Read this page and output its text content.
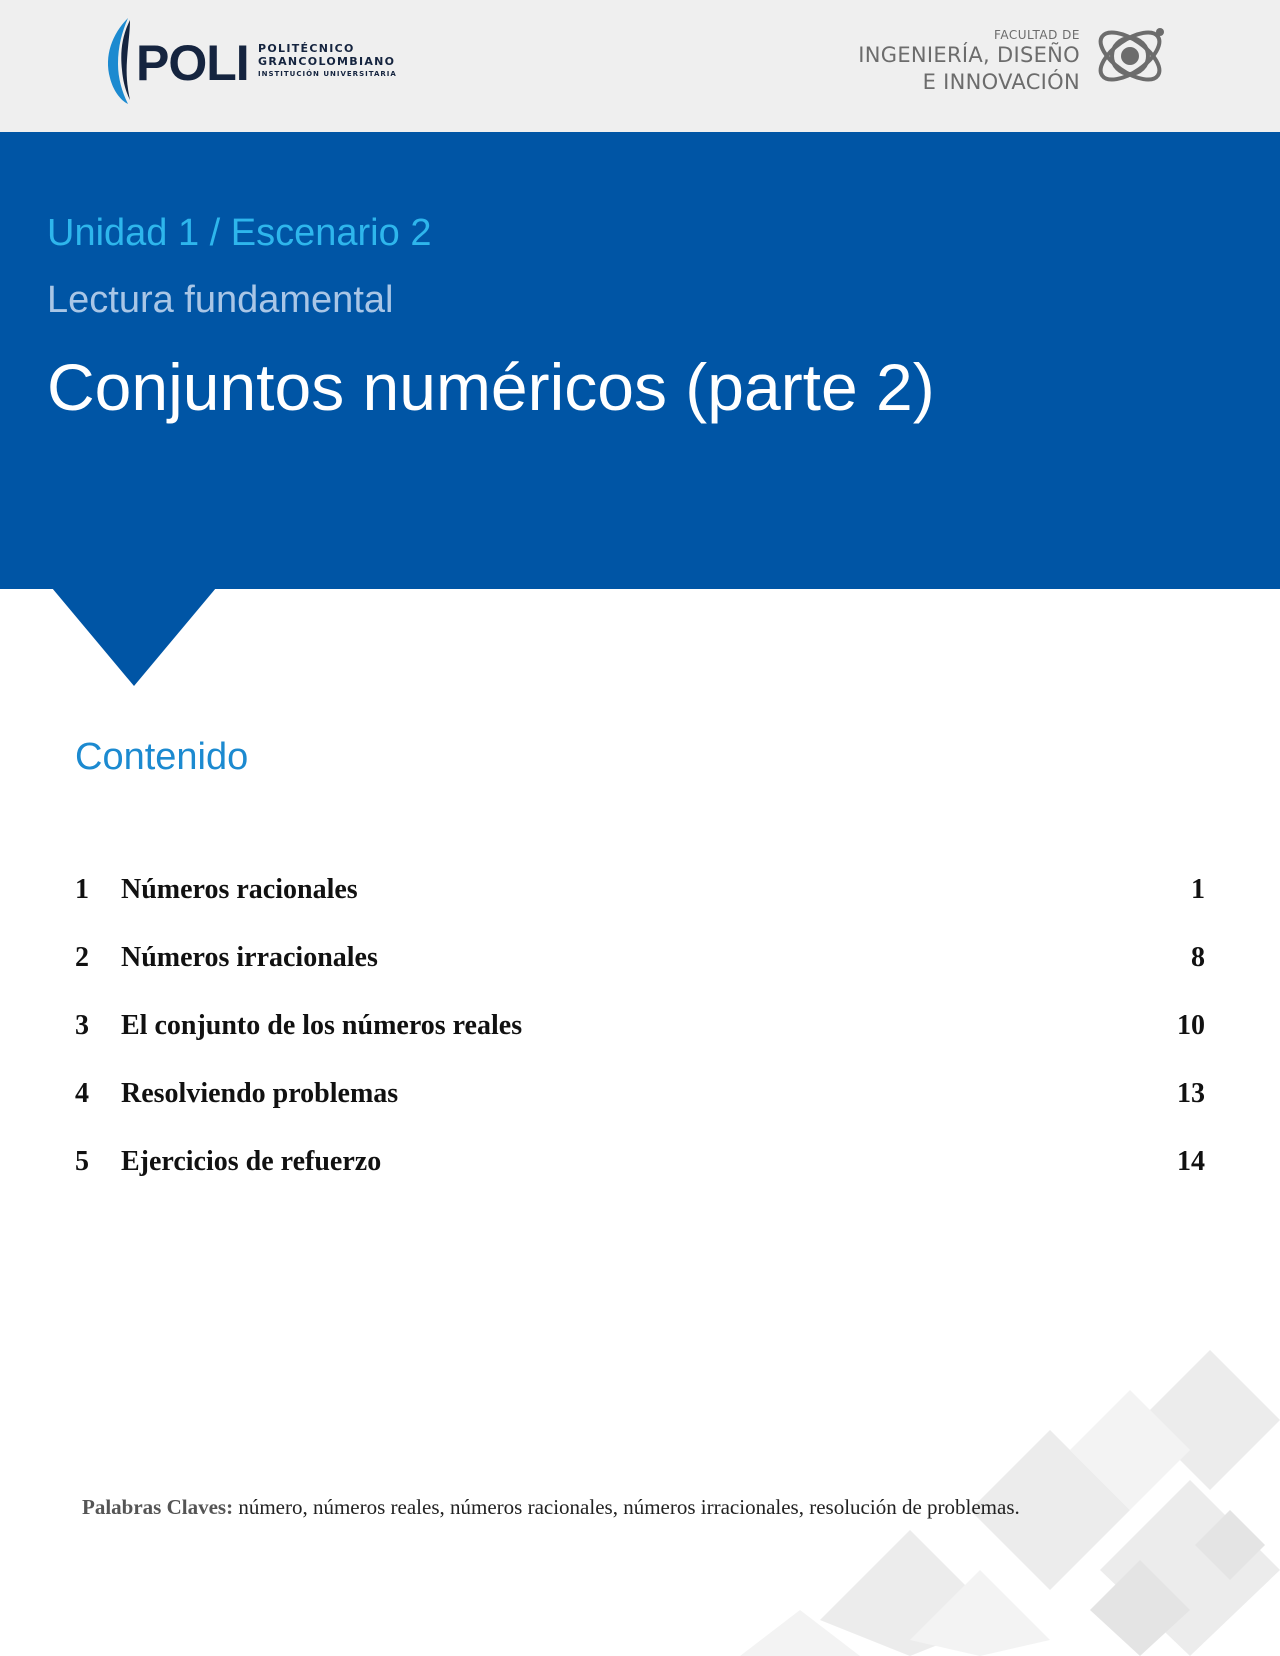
POLI POLITÉCNICO
GRANCOLOMBIANO
INSTITUCIÓN UNIVERSITARIA
FACULTAD DE
INGENIERÍA, DISEÑO
E INNOVACIÓN
Unidad 1 / Escenario 2
Lectura fundamental
Conjuntos numéricos (parte 2)
Contenido
1 Números racionales	1
2 Números irracionales	8
3 El conjunto de los números reales	10
4 Resolviendo problemas	13
5 Ejercicios de refuerzo	14
Palabras Claves: número, números reales, números racionales, números irracionales, resolución de problemas.
